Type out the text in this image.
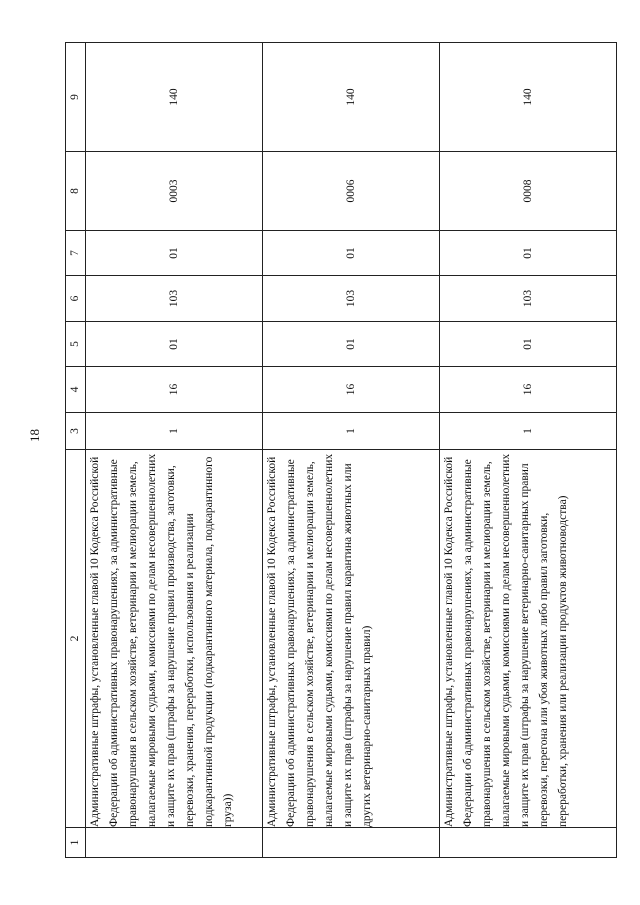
18
1	2	3	4	5	6	7	8	9
	Административные штрафы, установленные главой 10 Кодекса Российской Федерации об административных правонарушениях, за административные правонарушения в сельском хозяйстве, ветеринарии и мелиорации земель, налагаемые мировыми судьями, комиссиями по делам несовершеннолетних и защите их прав (штрафы за нарушение правил производства, заготовки, перевозки, хранения, переработки, использования и реализации подкарантинной продукции (подкарантинного материала, подкарантинного груза))	1	16	01	103	01	0003	140
	Административные штрафы, установленные главой 10 Кодекса Российской Федерации об административных правонарушениях, за административные правонарушения в сельском хозяйстве, ветеринарии и мелиорации земель, налагаемые мировыми судьями, комиссиями по делам несовершеннолетних и защите их прав (штрафы за нарушение правил карантина животных или других ветеринарно-санитарных правил)	1	16	01	103	01	0006	140
	Административные штрафы, установленные главой 10 Кодекса Российской Федерации об административных правонарушениях, за административные правонарушения в сельском хозяйстве, ветеринарии и мелиорации земель, налагаемые мировыми судьями, комиссиями по делам несовершеннолетних и защите их прав (штрафы за нарушение ветеринарно-санитарных правил перевозки, перегона или убоя животных либо правил заготовки, переработки, хранения или реализации продуктов животноводства)	1	16	01	103	01	0008	140
